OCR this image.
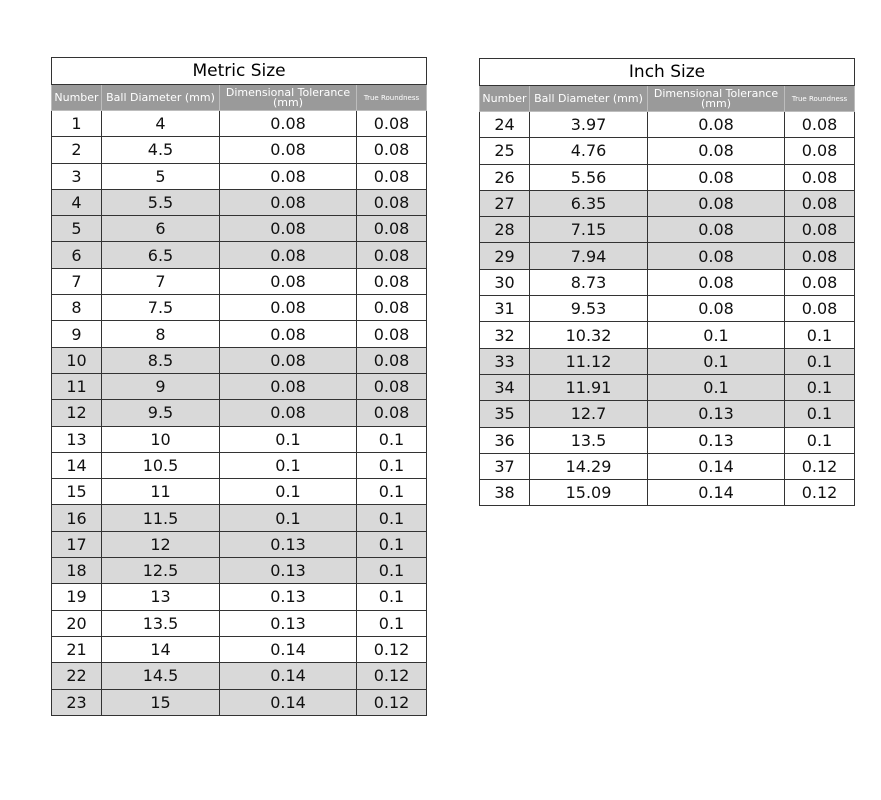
Metric Size			
Number	Ball Diameter (mm)	Dimensional Tolerance (mm)	True Roundness
1	4	0.08	0.08
2	4.5	0.08	0.08
3	5	0.08	0.08
4	5.5	0.08	0.08
5	6	0.08	0.08
6	6.5	0.08	0.08
7	7	0.08	0.08
8	7.5	0.08	0.08
9	8	0.08	0.08
10	8.5	0.08	0.08
11	9	0.08	0.08
12	9.5	0.08	0.08
13	10	0.1	0.1
14	10.5	0.1	0.1
15	11	0.1	0.1
16	11.5	0.1	0.1
17	12	0.13	0.1
18	12.5	0.13	0.1
19	13	0.13	0.1
20	13.5	0.13	0.1
21	14	0.14	0.12
22	14.5	0.14	0.12
23	15	0.14	0.12
Inch Size			
Number	Ball Diameter (mm)	Dimensional Tolerance (mm)	True Roundness
24	3.97	0.08	0.08
25	4.76	0.08	0.08
26	5.56	0.08	0.08
27	6.35	0.08	0.08
28	7.15	0.08	0.08
29	7.94	0.08	0.08
30	8.73	0.08	0.08
31	9.53	0.08	0.08
32	10.32	0.1	0.1
33	11.12	0.1	0.1
34	11.91	0.1	0.1
35	12.7	0.13	0.1
36	13.5	0.13	0.1
37	14.29	0.14	0.12
38	15.09	0.14	0.12
